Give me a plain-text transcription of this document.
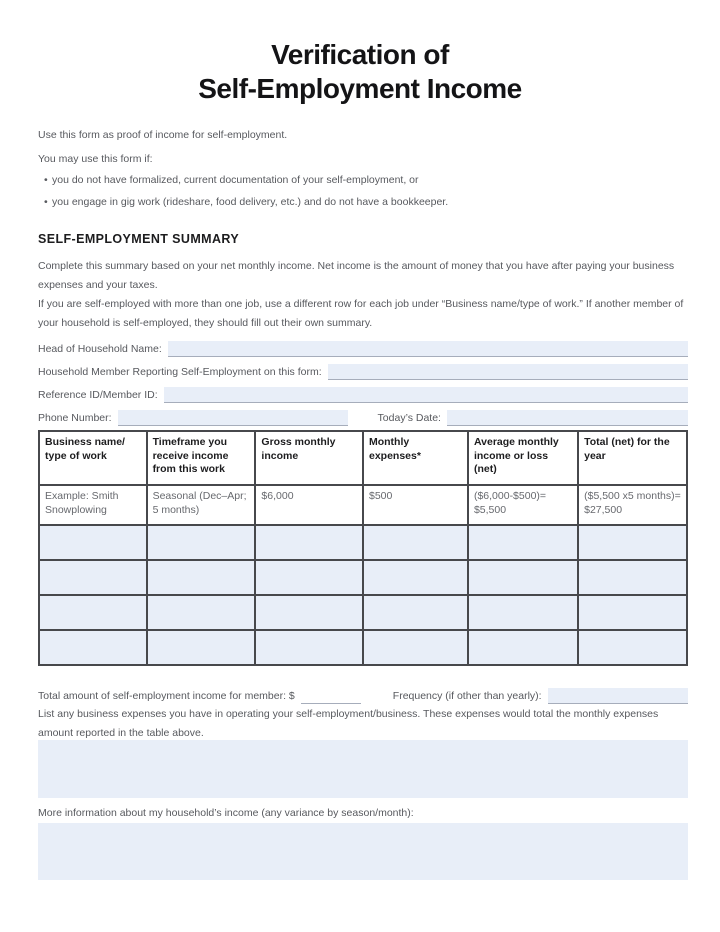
Verification of
Self-Employment Income
Use this form as proof of income for self-employment.
You may use this form if:
• you do not have formalized, current documentation of your self-employment, or
• you engage in gig work (rideshare, food delivery, etc.) and do not have a bookkeeper.
SELF-EMPLOYMENT SUMMARY
Complete this summary based on your net monthly income. Net income is the amount of money that you have after paying your business expenses and your taxes.
If you are self-employed with more than one job, use a different row for each job under “Business name/type of work.” If another member of your household is self-employed, they should fill out their own summary.
Head of Household Name:
Household Member Reporting Self-Employment on this form:
Reference ID/Member ID:
Phone Number:	Today’s Date:
Business name/ type of work	Timeframe you receive income from this work	Gross monthly income	Monthly expenses*	Average monthly income or loss (net)	Total (net) for the year
Example: Smith Snowplowing	Seasonal (Dec–Apr; 5 months)	$6,000	$500	($6,000-$500)= $5,500	($5,500 x5 months)= $27,500

Total amount of self-employment income for member: $	Frequency (if other than yearly):
List any business expenses you have in operating your self-employment/business. These expenses would total the monthly expenses amount reported in the table above.
More information about my household’s income (any variance by season/month):
